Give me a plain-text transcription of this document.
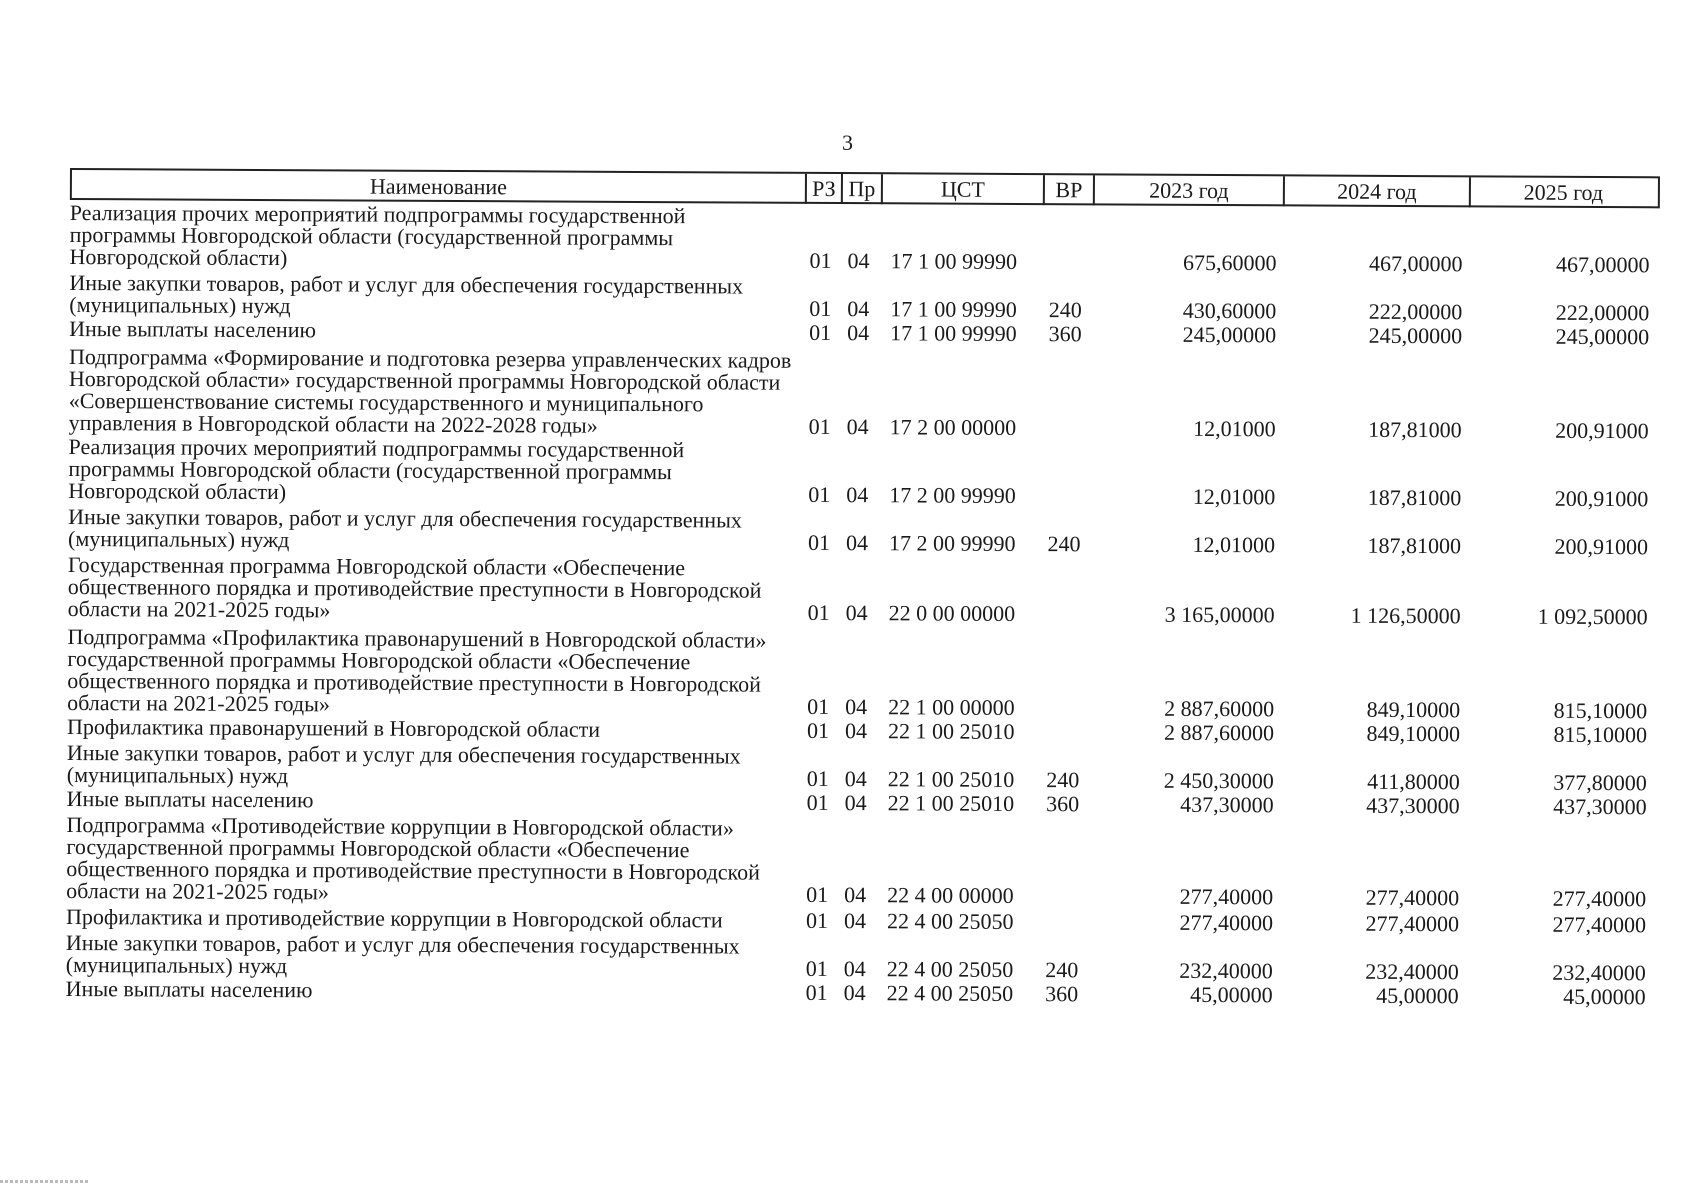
3
Наименование	РЗ Пр	ЦСТ	ВР	2023 год	2024 год	2025 год
Реализация прочих мероприятий подпрограммы государственной программы Новгородской области (государственной программы Новгородской области)	01 04 17 1 00 99990	675,60000	467,00000	467,00000
Иные закупки товаров, работ и услуг для обеспечения государственных (муниципальных) нужд	01 04 17 1 00 99990	240	430,60000	222,00000	222,00000
Иные выплаты населению	01 04 17 1 00 99990	360	245,00000	245,00000	245,00000
Подпрограмма «Формирование и подготовка резерва управленческих кадров Новгородской области» государственной программы Новгородской области «Совершенствование системы государственного и муниципального управления в Новгородской области на 2022-2028 годы»	01 04 17 2 00 00000	12,01000	187,81000	200,91000
Реализация прочих мероприятий подпрограммы государственной программы Новгородской области (государственной программы Новгородской области)	01 04 17 2 00 99990	12,01000	187,81000	200,91000
Иные закупки товаров, работ и услуг для обеспечения государственных (муниципальных) нужд	01 04 17 2 00 99990	240	12,01000	187,81000	200,91000
Государственная программа Новгородской области «Обеспечение общественного порядка и противодействие преступности в Новгородской области на 2021-2025 годы»	01 04 22 0 00 00000	3 165,00000	1 126,50000	1 092,50000
Подпрограмма «Профилактика правонарушений в Новгородской области» государственной программы Новгородской области «Обеспечение общественного порядка и противодействие преступности в Новгородской области на 2021-2025 годы»	01 04 22 1 00 00000	2 887,60000	849,10000	815,10000
Профилактика правонарушений в Новгородской области	01 04 22 1 00 25010	2 887,60000	849,10000	815,10000
Иные закупки товаров, работ и услуг для обеспечения государственных (муниципальных) нужд	01 04 22 1 00 25010	240	2 450,30000	411,80000	377,80000
Иные выплаты населению	01 04 22 1 00 25010	360	437,30000	437,30000	437,30000
Подпрограмма «Противодействие коррупции в Новгородской области» государственной программы Новгородской области «Обеспечение общественного порядка и противодействие преступности в Новгородской области на 2021-2025 годы»	01 04 22 4 00 00000	277,40000	277,40000	277,40000
Профилактика и противодействие коррупции в Новгородской области	01 04 22 4 00 25050	277,40000	277,40000	277,40000
Иные закупки товаров, работ и услуг для обеспечения государственных (муниципальных) нужд	01 04 22 4 00 25050	240	232,40000	232,40000	232,40000
Иные выплаты населению	01 04 22 4 00 25050	360	45,00000	45,00000	45,00000
